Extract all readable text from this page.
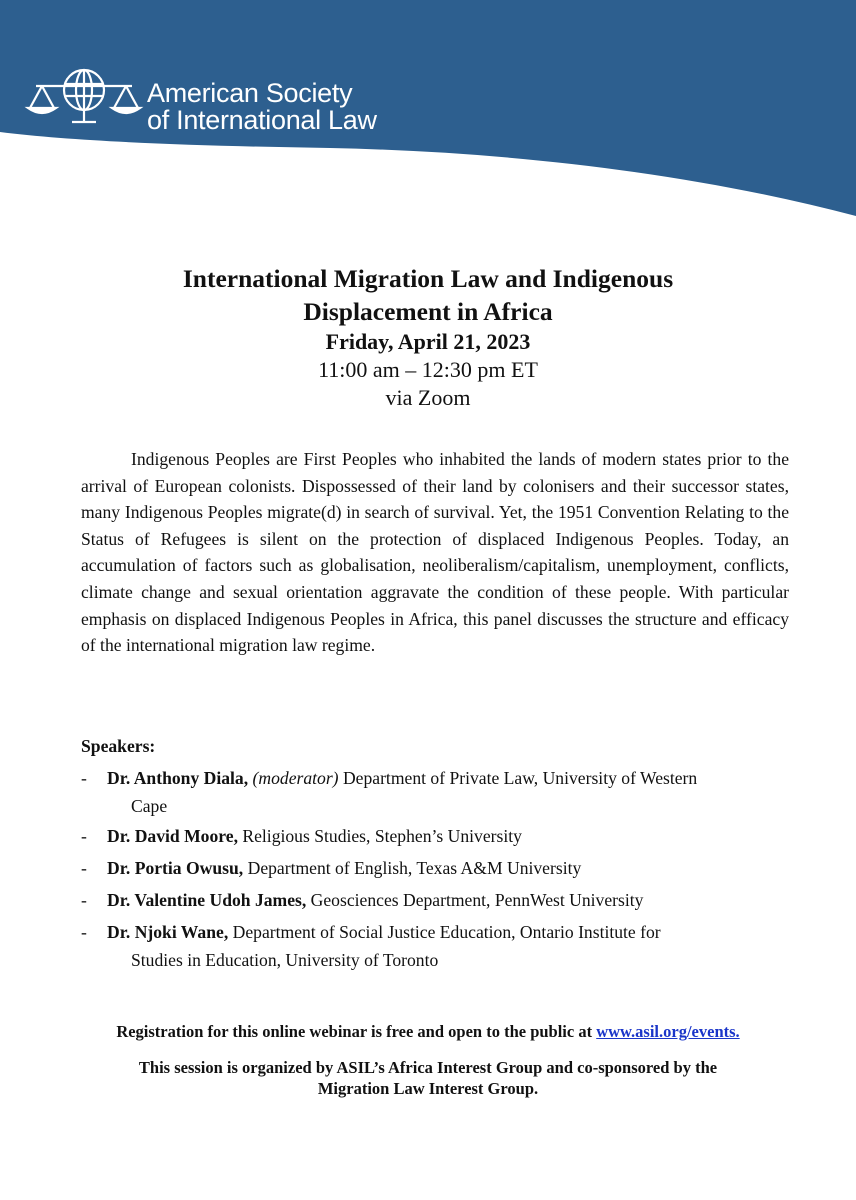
American Society
of International Law
International Migration Law and Indigenous
Displacement in Africa
Friday, April 21, 2023
11:00 am – 12:30 pm ET
via Zoom

Indigenous Peoples are First Peoples who inhabited the lands of modern states prior to the arrival of European colonists. Dispossessed of their land by colonisers and their successor states, many Indigenous Peoples migrate(d) in search of survival. Yet, the 1951 Convention Relating to the Status of Refugees is silent on the protection of displaced Indigenous Peoples. Today, an accumulation of factors such as globalisation, neoliberalism/capitalism, unemployment, conflicts, climate change and sexual orientation aggravate the condition of these people. With particular emphasis on displaced Indigenous Peoples in Africa, this panel discusses the structure and efficacy of the international migration law regime.

Speakers:
-	Dr. Anthony Diala, (moderator) Department of Private Law, University of Western
Cape
-	Dr. David Moore, Religious Studies, Stephen’s University
-	Dr. Portia Owusu, Department of English, Texas A&M University
-	Dr. Valentine Udoh James, Geosciences Department, PennWest University
-	Dr. Njoki Wane, Department of Social Justice Education, Ontario Institute for
Studies in Education, University of Toronto
Registration for this online webinar is free and open to the public at www.asil.org/events.
This session is organized by ASIL’s Africa Interest Group and co-sponsored by the
Migration Law Interest Group.
